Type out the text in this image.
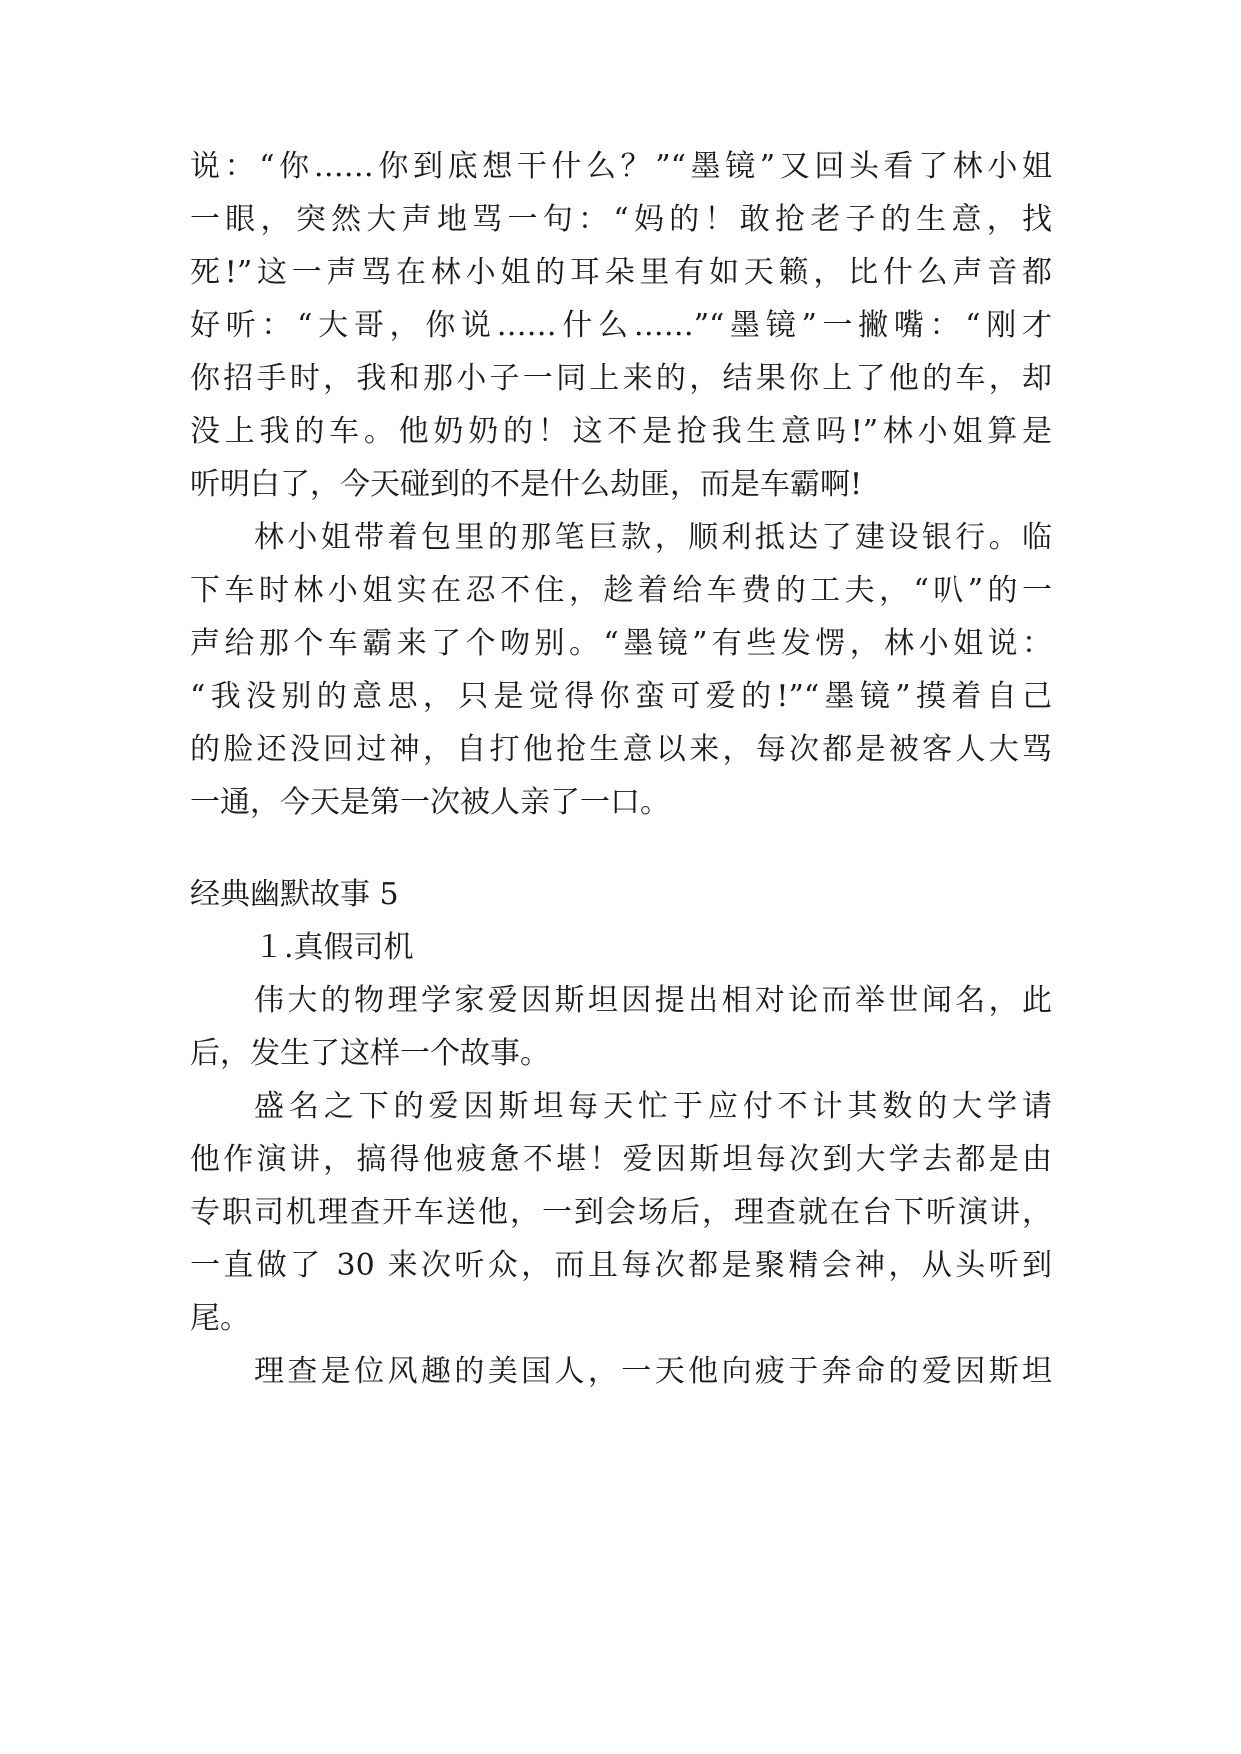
说：“你……你到底想干什么？”“墨镜”又回头看了林小姐
一眼，突然大声地骂一句：“妈的！敢抢老子的生意，找
死!”这一声骂在林小姐的耳朵里有如天籁，比什么声音都
好听：“大哥，你说……什么……”“墨镜”一撇嘴：“刚才
你招手时，我和那小子一同上来的，结果你上了他的车，却
没上我的车。他奶奶的！这不是抢我生意吗!”林小姐算是
听明白了，今天碰到的不是什么劫匪，而是车霸啊!
林小姐带着包里的那笔巨款，顺利抵达了建设银行。临
下车时林小姐实在忍不住，趁着给车费的工夫，“叭”的一
声给那个车霸来了个吻别。“墨镜”有些发愣，林小姐说：
“我没别的意思，只是觉得你蛮可爱的!”“墨镜”摸着自己
的脸还没回过神，自打他抢生意以来，每次都是被客人大骂
一通，今天是第一次被人亲了一口。
经典幽默故事 5
１.真假司机
伟大的物理学家爱因斯坦因提出相对论而举世闻名，此
后，发生了这样一个故事。
盛名之下的爱因斯坦每天忙于应付不计其数的大学请
他作演讲，搞得他疲惫不堪！爱因斯坦每次到大学去都是由
专职司机理查开车送他，一到会场后，理查就在台下听演讲，
一直做了 30 来次听众，而且每次都是聚精会神，从头听到
尾。
理查是位风趣的美国人，一天他向疲于奔命的爱因斯坦
